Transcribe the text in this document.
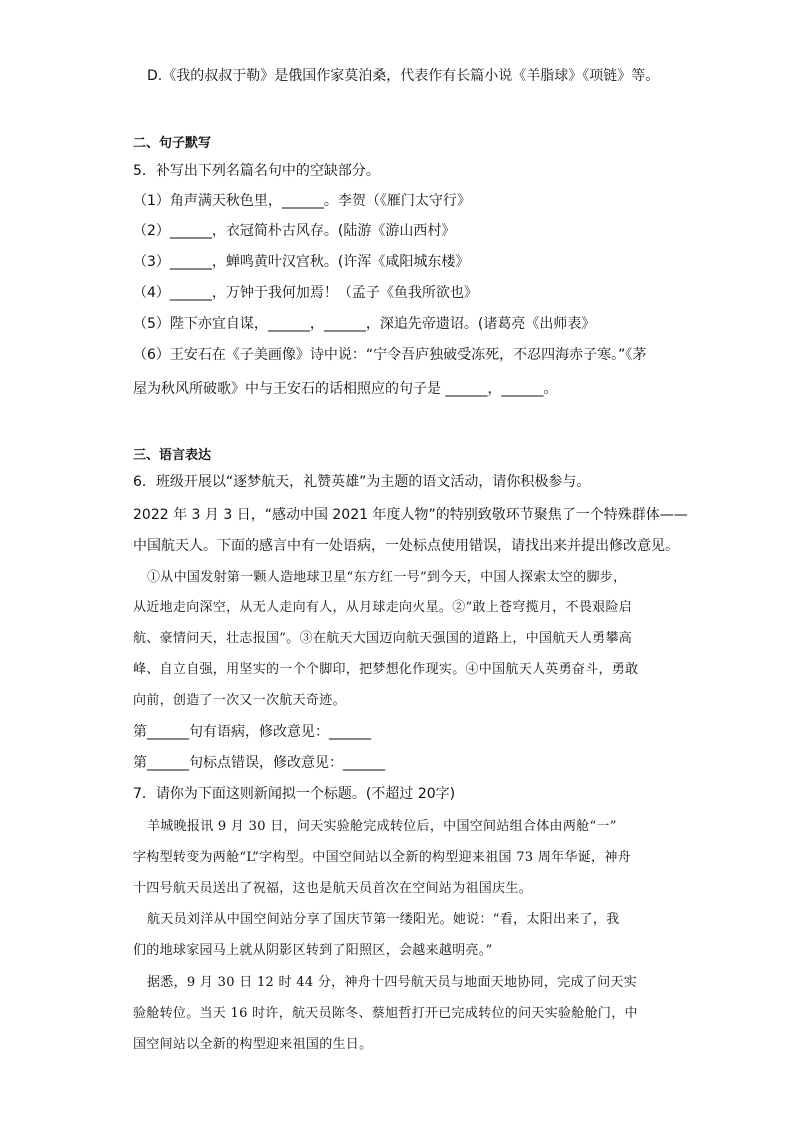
D.《我的叔叔于勒》是俄国作家莫泊桑，代表作有长篇小说《羊脂球》《项链》等。
二、句子默写
5．补写出下列名篇名句中的空缺部分。
（1）角声满天秋色里，______。李贺（《雁门太守行》
（2）______，衣冠简朴古风存。(陆游《游山西村》
（3）______，蝉鸣黄叶汉宫秋。(许浑《咸阳城东楼》
（4）______，万钟于我何加焉！（孟子《鱼我所欲也》
（5）陛下亦宜自谋，______，______，深追先帝遗诏。(诸葛亮《出师表》
（6）王安石在《子美画像》诗中说：“宁令吾庐独破受冻死，不忍四海赤子寒。”《茅
屋为秋风所破歌》中与王安石的话相照应的句子是 ______，______。
三、语言表达
6．班级开展以“逐梦航天，礼赞英雄”为主题的语文活动，请你积极参与。
2022 年 3 月 3 日，“感动中国 2021 年度人物”的特别致敬环节聚焦了一个特殊群体——
中国航天人。下面的感言中有一处语病，一处标点使用错误，请找出来并提出修改意见。
①从中国发射第一颗人造地球卫星“东方红一号”到今天，中国人探索太空的脚步，
从近地走向深空，从无人走向有人，从月球走向火星。②“敢上苍穹揽月，不畏艰险启
航、豪情问天，壮志报国”。③在航天大国迈向航天强国的道路上，中国航天人勇攀高
峰、自立自强，用坚实的一个个脚印，把梦想化作现实。④中国航天人英勇奋斗，勇敢
向前，创造了一次又一次航天奇迹。
第______句有语病，修改意见：______
第______句标点错误，修改意见：______
7．请你为下面这则新闻拟一个标题。(不超过 20字)
羊城晚报讯 9 月 30 日，问天实验舱完成转位后，中国空间站组合体由两舱“一”
字构型转变为两舱“L”字构型。中国空间站以全新的构型迎来祖国 73 周年华诞，神舟
十四号航天员送出了祝福，这也是航天员首次在空间站为祖国庆生。
航天员刘洋从中国空间站分享了国庆节第一缕阳光。她说：“看，太阳出来了，我
们的地球家园马上就从阴影区转到了阳照区，会越来越明亮。”
据悉，9 月 30 日 12 时 44 分，神舟十四号航天员与地面天地协同，完成了问天实
验舱转位。当天 16 时许，航天员陈冬、蔡旭哲打开已完成转位的问天实验舱舱门，中
国空间站以全新的构型迎来祖国的生日。
